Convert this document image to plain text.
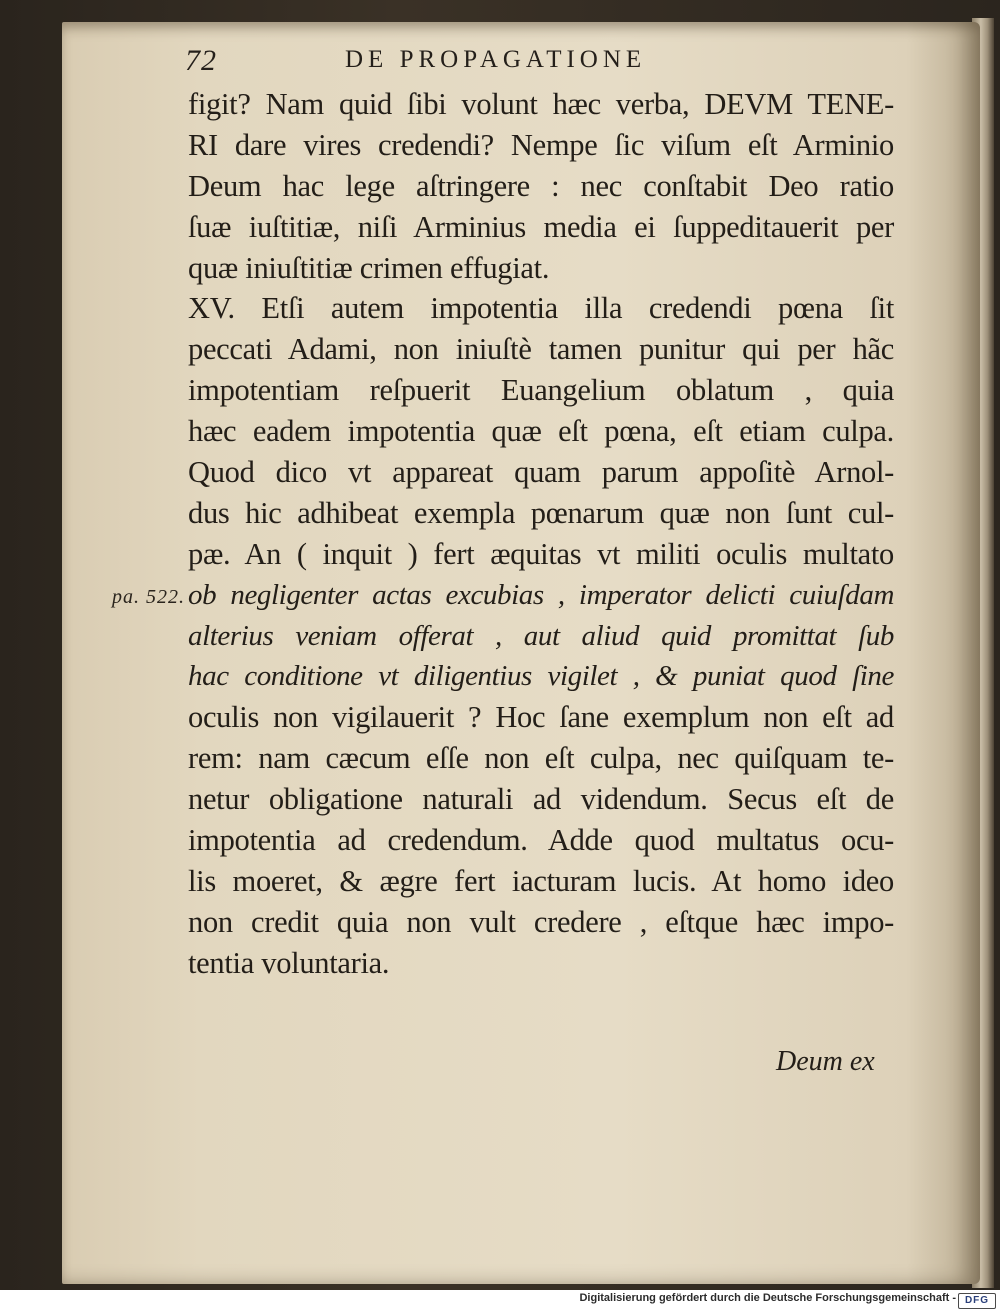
72	DE PROPAGATIONE
pa. 522.
figit? Nam quid ſibi volunt hæc verba, DEVM TENE-
RI dare vires credendi? Nempe ſic viſum eſt Arminio
Deum hac lege aſtringere : nec conſtabit Deo ratio
ſuæ iuſtitiæ, niſi Arminius media ei ſuppeditauerit per
quæ iniuſtitiæ crimen effugiat.
XV. Etſi autem impotentia illa credendi pœna ſit
peccati Adami, non iniuſtè tamen punitur qui per hãc
impotentiam reſpuerit Euangelium oblatum , quia
hæc eadem impotentia quæ eſt pœna, eſt etiam culpa.
Quod dico vt appareat quam parum appoſitè Arnol-
dus hic adhibeat exempla pœnarum quæ non ſunt cul-
pæ. An ( inquit ) fert æquitas vt militi oculis multato
ob negligenter actas excubias , imperator delicti cuiuſdam
alterius veniam offerat , aut aliud quid promittat ſub
hac conditione vt diligentius vigilet , & puniat quod ſine
oculis non vigilauerit ? Hoc ſane exemplum non eſt ad
rem: nam cæcum eſſe non eſt culpa, nec quiſquam te-
netur obligatione naturali ad videndum. Secus eſt de
impotentia ad credendum. Adde quod multatus ocu-
lis moeret, & ægre fert iacturam lucis. At homo ideo
non credit quia non vult credere , eſtque hæc impo-
tentia voluntaria.
Deum ex
Digitalisierung gefördert durch die Deutsche Forschungsgemeinschaft - DFG
